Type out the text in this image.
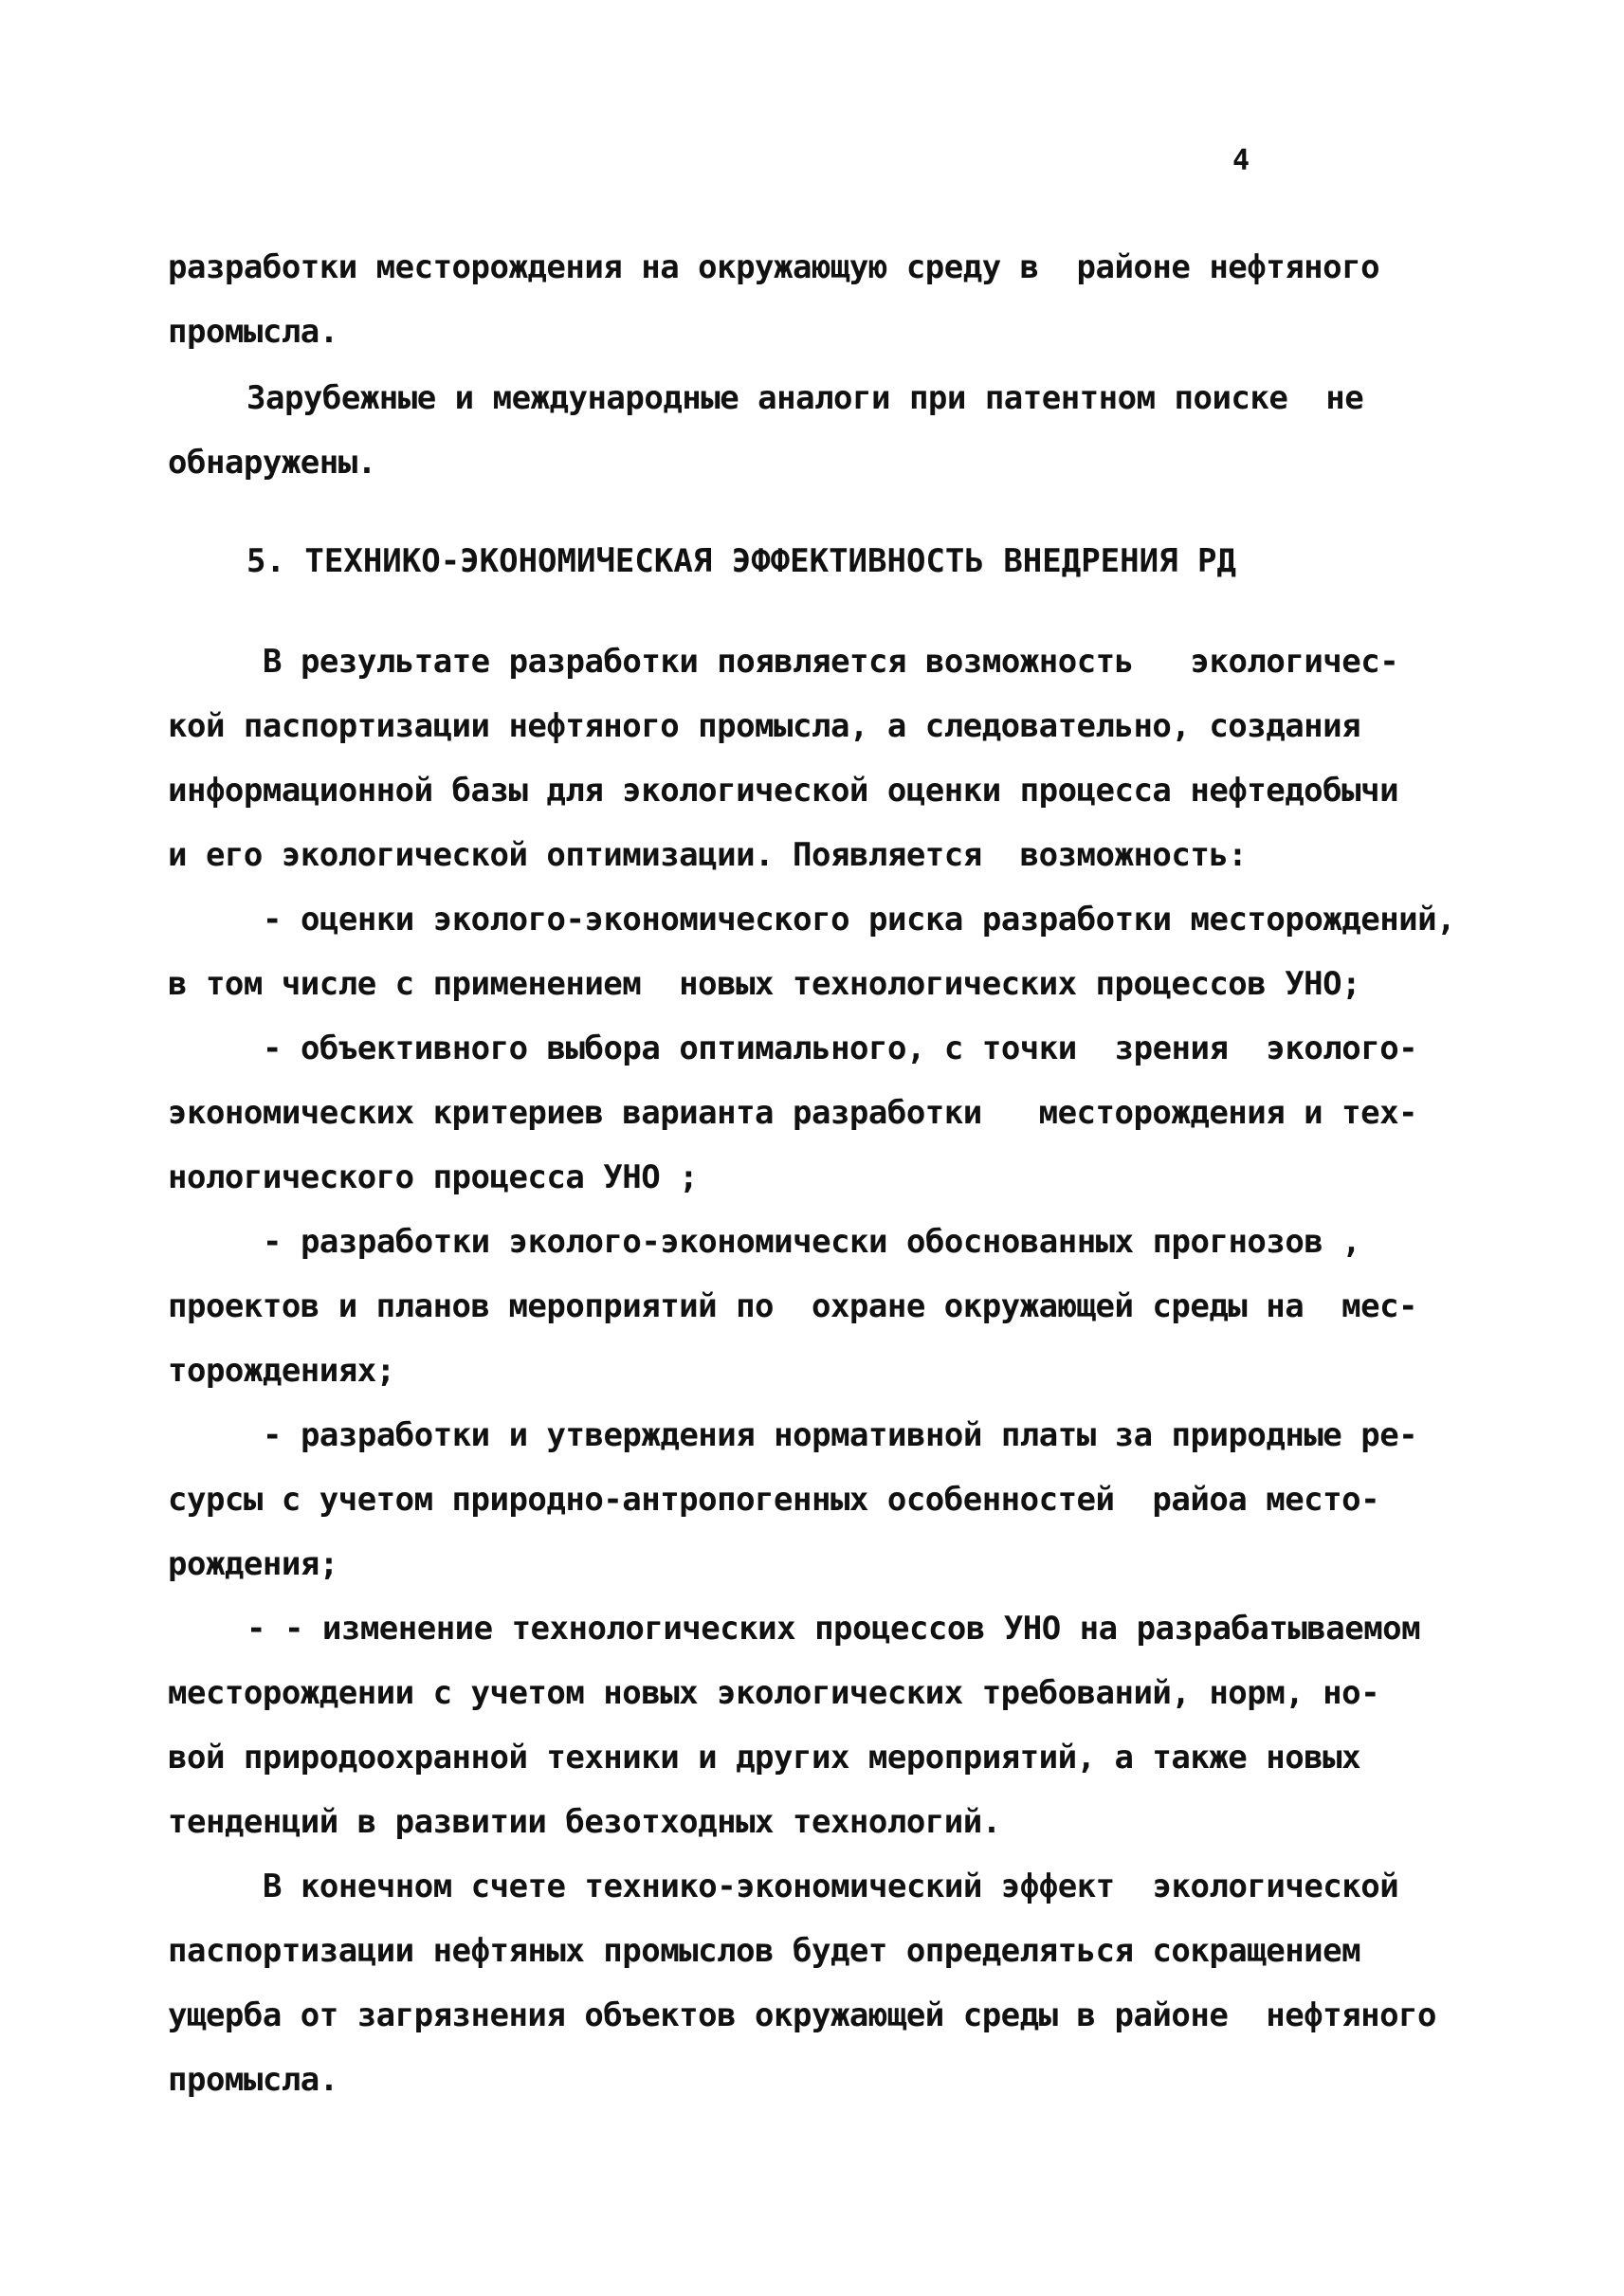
4
разработки месторождения на окружающую среду в  районе нефтяного
промысла.
Зарубежные и международные аналоги при патентном поиске  не
обнаружены.
5. ТЕХНИКО-ЭКОНОМИЧЕСКАЯ ЭФФЕКТИВНОСТЬ ВНЕДРЕНИЯ РД
В результате разработки появляется возможность   экологичес-
кой паспортизации нефтяного промысла, а следовательно, создания
информационной базы для экологической оценки процесса нефтедобычи
и его экологической оптимизации. Появляется  возможность:
- оценки эколого-экономического риска разработки месторождений,
в том числе с применением  новых технологических процессов УНО;
- объективного выбора оптимального, с точки  зрения  эколого-
экономических критериев варианта разработки   месторождения и тех-
нологического процесса УНО ;
- разработки эколого-экономически обоснованных прогнозов ,
проектов и планов мероприятий по  охране окружающей среды на  мес-
торождениях;
- разработки и утверждения нормативной платы за природные ре-
сурсы с учетом природно-антропогенных особенностей  райоа место-
рождения;
- - изменение технологических процессов УНО на разрабатываемом
месторождении с учетом новых экологических требований, норм, но-
вой природоохранной техники и других мероприятий, а также новых
тенденций в развитии безотходных технологий.
В конечном счете технико-экономический эффект  экологической
паспортизации нефтяных промыслов будет определяться сокращением
ущерба от загрязнения объектов окружающей среды в районе  нефтяного
промысла.
